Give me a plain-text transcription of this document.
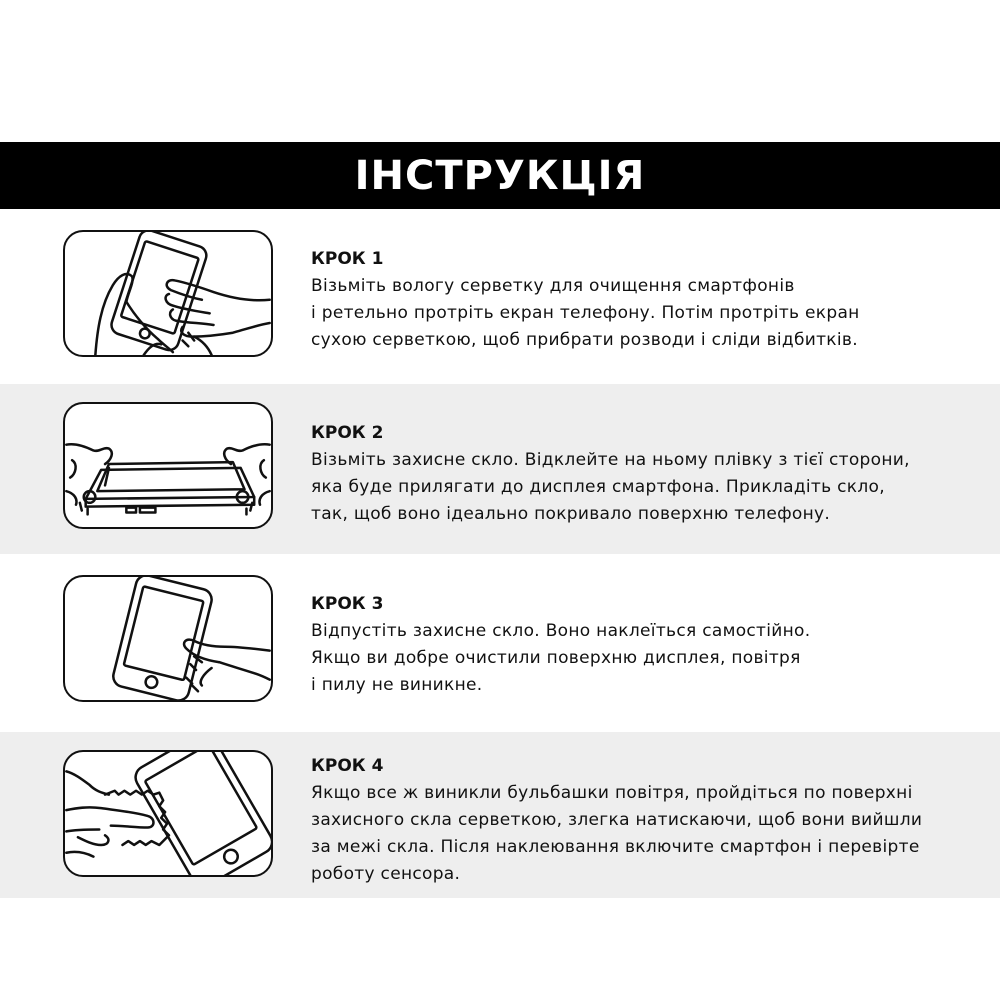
ІНСТРУКЦІЯ

КРОК 1

Візьміть вологу серветку для очищення смартфонів
і ретельно протріть екран телефону. Потім протріть екран
сухою серветкою, щоб прибрати розводи і сліди відбитків.

КРОК 2

Візьміть захисне скло. Відклейте на ньому плівку з тієї сторони,
яка буде прилягати до дисплея смартфона. Прикладіть скло,
так, щоб воно ідеально покривало поверхню телефону.

КРОК 3

Відпустіть захисне скло. Воно наклеїться самостійно.
Якщо ви добре очистили поверхню дисплея, повітря
і пилу не виникне.

КРОК 4

Якщо все ж виникли бульбашки повітря, пройдіться по поверхні
захисного скла серветкою, злегка натискаючи, щоб вони вийшли
за межі скла. Після наклеювання включите смартфон і перевірте
роботу сенсора.
